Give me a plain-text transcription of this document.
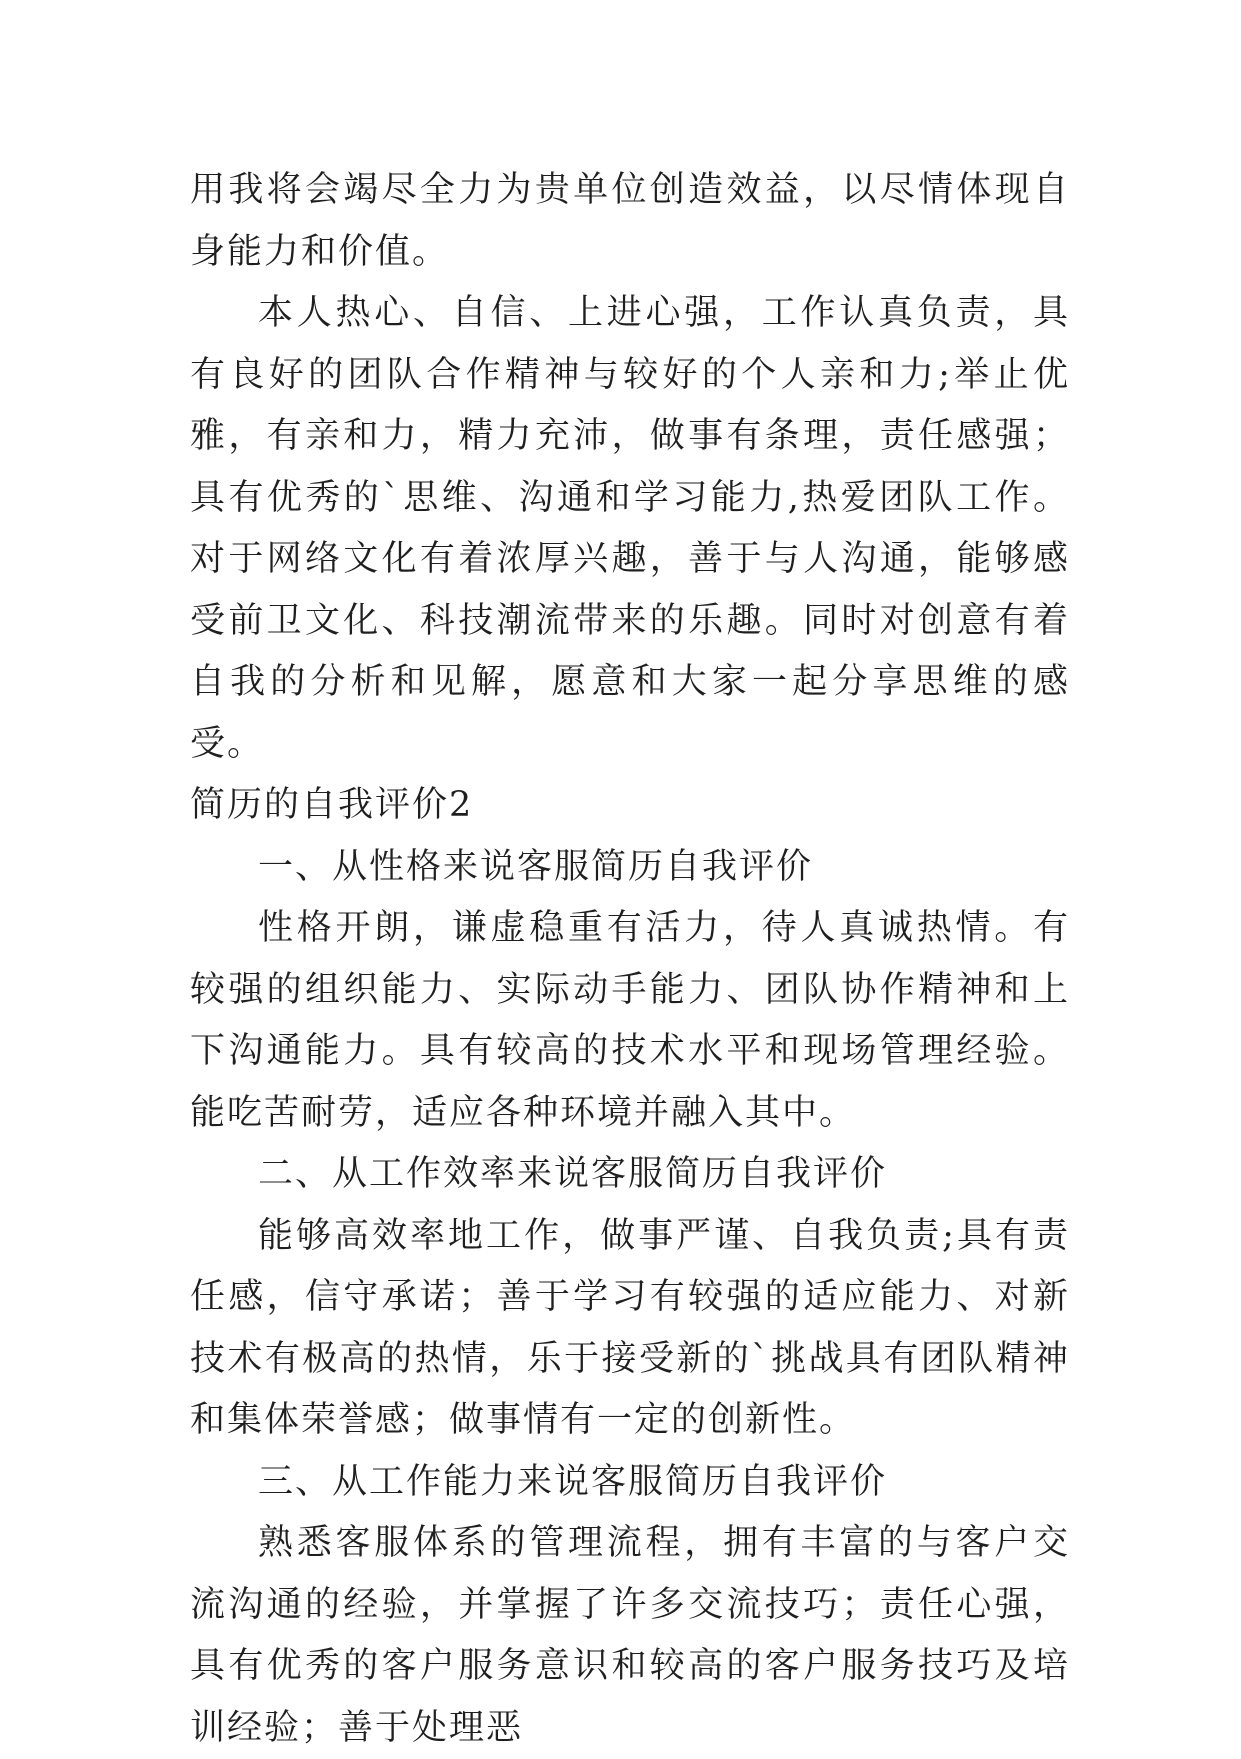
用我将会竭尽全力为贵单位创造效益，以尽情体现自身能力和价值。

本人热心、自信、上进心强，工作认真负责，具有良好的团队合作精神与较好的个人亲和力;举止优雅，有亲和力，精力充沛，做事有条理，责任感强；具有优秀的`思维、沟通和学习能力,热爱团队工作。对于网络文化有着浓厚兴趣，善于与人沟通，能够感受前卫文化、科技潮流带来的乐趣。同时对创意有着自我的分析和见解，愿意和大家一起分享思维的感受。

简历的自我评价2

一、从性格来说客服简历自我评价

性格开朗，谦虚稳重有活力，待人真诚热情。有较强的组织能力、实际动手能力、团队协作精神和上下沟通能力。具有较高的技术水平和现场管理经验。能吃苦耐劳，适应各种环境并融入其中。

二、从工作效率来说客服简历自我评价

能够高效率地工作，做事严谨、自我负责;具有责任感，信守承诺；善于学习有较强的适应能力、对新技术有极高的热情，乐于接受新的`挑战具有团队精神和集体荣誉感；做事情有一定的创新性。

三、从工作能力来说客服简历自我评价

熟悉客服体系的管理流程，拥有丰富的与客户交流沟通的经验，并掌握了许多交流技巧；责任心强，具有优秀的客户服务意识和较高的客户服务技巧及培训经验；善于处理恶
